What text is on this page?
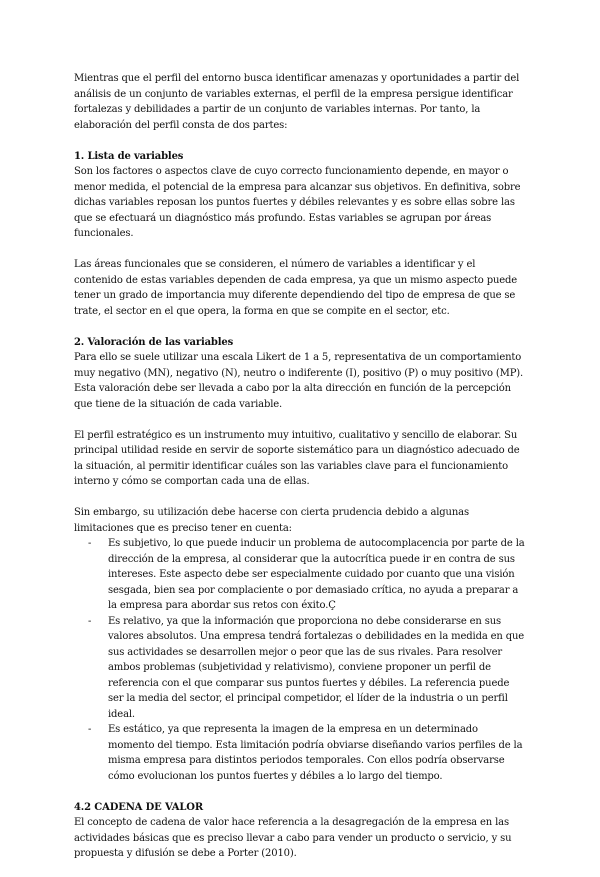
Mientras que el perfil del entorno busca identificar amenazas y oportunidades a partir del análisis de un conjunto de variables externas, el perfil de la empresa persigue identificar fortalezas y debilidades a partir de un conjunto de variables internas. Por tanto, la elaboración del perfil consta de dos partes:

1. Lista de variables

Son los factores o aspectos clave de cuyo correcto funcionamiento depende, en mayor o menor medida, el potencial de la empresa para alcanzar sus objetivos. En definitiva, sobre dichas variables reposan los puntos fuertes y débiles relevantes y es sobre ellas sobre las que se efectuará un diagnóstico más profundo. Estas variables se agrupan por áreas funcionales.

Las áreas funcionales que se consideren, el número de variables a identificar y el contenido de estas variables dependen de cada empresa, ya que un mismo aspecto puede tener un grado de importancia muy diferente dependiendo del tipo de empresa de que se trate, el sector en el que opera, la forma en que se compite en el sector, etc.

2. Valoración de las variables

Para ello se suele utilizar una escala Likert de 1 a 5, representativa de un comportamiento muy negativo (MN), negativo (N), neutro o indiferente (I), positivo (P) o muy positivo (MP). Esta valoración debe ser llevada a cabo por la alta dirección en función de la percepción que tiene de la situación de cada variable.

El perfil estratégico es un instrumento muy intuitivo, cualitativo y sencillo de elaborar. Su principal utilidad reside en servir de soporte sistemático para un diagnóstico adecuado de la situación, al permitir identificar cuáles son las variables clave para el funcionamiento interno y cómo se comportan cada una de ellas.

Sin embargo, su utilización debe hacerse con cierta prudencia debido a algunas limitaciones que es preciso tener en cuenta:

- Es subjetivo, lo que puede inducir un problema de autocomplacencia por parte de la dirección de la empresa, al considerar que la autocrítica puede ir en contra de sus intereses. Este aspecto debe ser especialmente cuidado por cuanto que una visión sesgada, bien sea por complaciente o por demasiado crítica, no ayuda a preparar a la empresa para abordar sus retos con éxito.Ç
- Es relativo, ya que la información que proporciona no debe considerarse en sus valores absolutos. Una empresa tendrá fortalezas o debilidades en la medida en que sus actividades se desarrollen mejor o peor que las de sus rivales. Para resolver ambos problemas (subjetividad y relativismo), conviene proponer un perfil de referencia con el que comparar sus puntos fuertes y débiles. La referencia puede ser la media del sector, el principal competidor, el líder de la industria o un perfil ideal.
- Es estático, ya que representa la imagen de la empresa en un determinado momento del tiempo. Esta limitación podría obviarse diseñando varios perfiles de la misma empresa para distintos periodos temporales. Con ellos podría observarse cómo evolucionan los puntos fuertes y débiles a lo largo del tiempo.

4.2 CADENA DE VALOR

El concepto de cadena de valor hace referencia a la desagregación de la empresa en las actividades básicas que es preciso llevar a cabo para vender un producto o servicio, y su propuesta y difusión se debe a Porter (2010).
